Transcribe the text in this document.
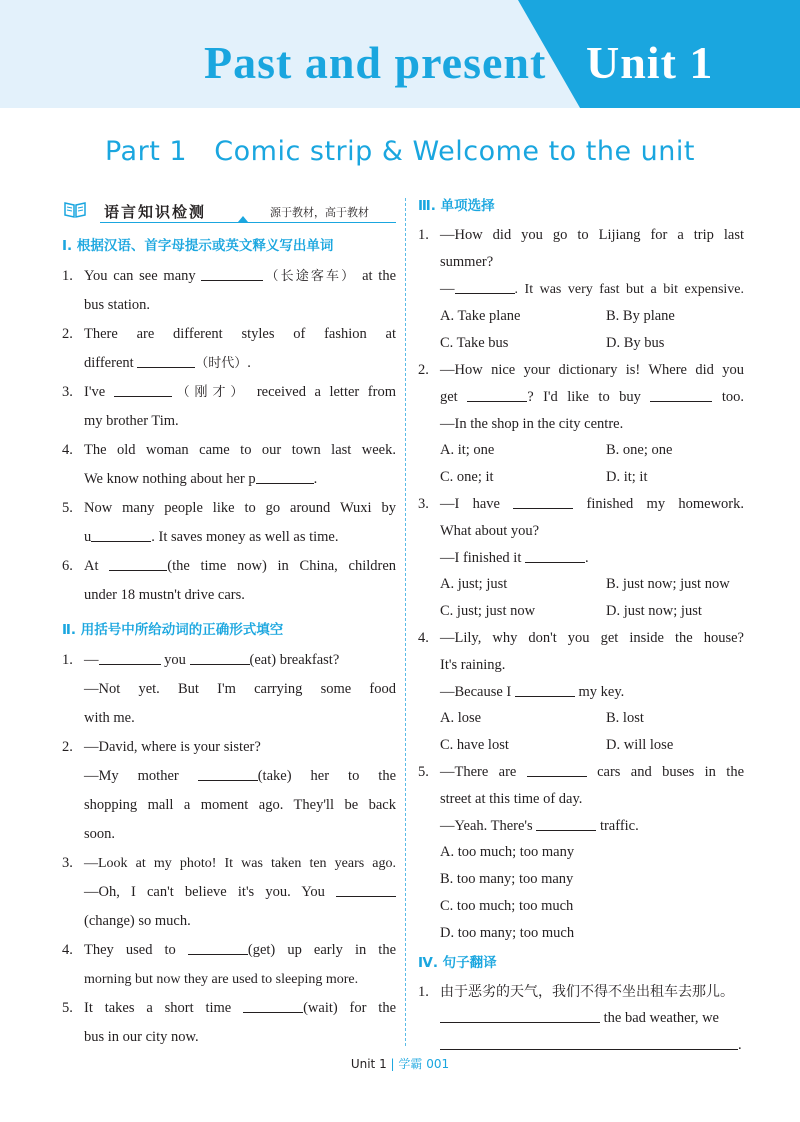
Past and present Unit 1
Part 1   Comic strip & Welcome to the unit
语言知识检测	源于教材，高于教材
Ⅰ. 根据汉语、首字母提示或英文释义写出单词
1. You can see many	（长途客车） at the
bus station.
2. There are different styles of fashion at
different	（时代）.
3. I've	（刚才） received a letter from
my brother Tim.
4. The old woman came to our town last week.
We know nothing about her p	.
5. Now many people like to go around Wuxi by
u	. It saves money as well as time.
6. At	(the time now) in China, children
under 18 mustn't drive cars.
Ⅱ. 用括号中所给动词的正确形式填空
1. —	you	(eat) breakfast?
—Not yet. But I'm carrying some food
with me.
2. —David, where is your sister?
—My mother	(take) her to the
shopping mall a moment ago. They'll be back
soon.
3. —Look at my photo! It was taken ten years ago.
—Oh, I can't believe it's you. You
(change) so much.
4. They used to	(get) up early in the
morning but now they are used to sleeping more.
5. It takes a short time	(wait) for the
bus in our city now.
Ⅲ. 单项选择
1. —How did you go to Lijiang for a trip last
summer?
—	. It was very fast but a bit expensive.
A. Take plane	B. By plane
C. Take bus	D. By bus
2. —How nice your dictionary is! Where did you
get	? I'd like to buy	too.
—In the shop in the city centre.
A. it; one	B. one; one
C. one; it	D. it; it
3. —I have	finished my homework.
What about you?
—I finished it	.
A. just; just	B. just now; just now
C. just; just now	D. just now; just
4. —Lily, why don't you get inside the house?
It's raining.
—Because I	my key.
A. lose	B. lost
C. have lost	D. will lose
5. —There are	cars and buses in the
street at this time of day.
—Yeah. There's	traffic.
A. too much; too many
B. too many; too many
C. too much; too much
D. too many; too much
Ⅳ. 句子翻译
1. 由于恶劣的天气，我们不得不坐出租车去那儿。
the bad weather, we
.
Unit 1 | 学霸 001
